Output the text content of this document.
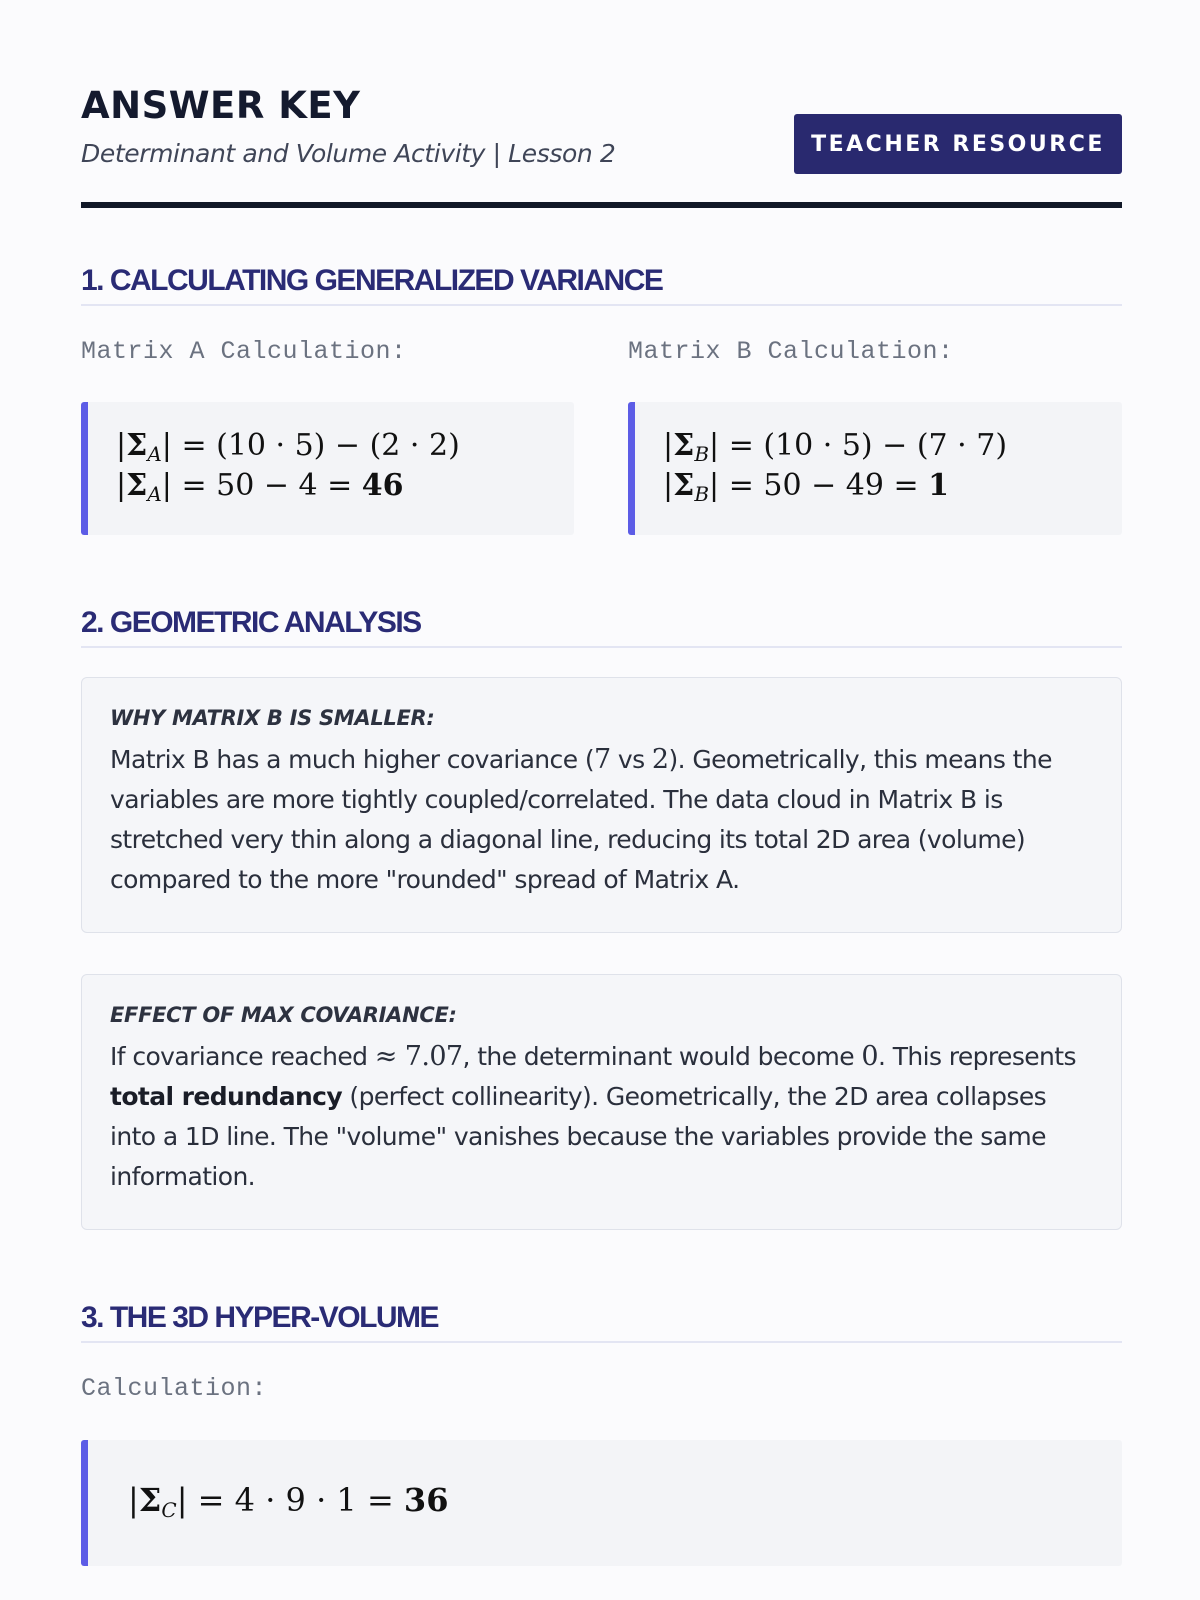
ANSWER KEY
Determinant and Volume Activity | Lesson 2	TEACHER RESOURCE
1. CALCULATING GENERALIZED VARIANCE
Matrix A Calculation:	Matrix B Calculation:
$|\Sigma_A| = (10 \cdot 5) - (2 \cdot 2)$
$|\Sigma_A| = 50 - 4 = 46$
$|\Sigma_B| = (10 \cdot 5) - (7 \cdot 7)$
$|\Sigma_B| = 50 - 49 = 1$
2. GEOMETRIC ANALYSIS
WHY MATRIX B IS SMALLER:
Matrix B has a much higher covariance (7 vs 2). Geometrically, this means the variables are more tightly coupled/correlated. The data cloud in Matrix B is stretched very thin along a diagonal line, reducing its total 2D area (volume) compared to the more "rounded" spread of Matrix A.
EFFECT OF MAX COVARIANCE:
If covariance reached ≈ 7.07, the determinant would become 0. This represents total redundancy (perfect collinearity). Geometrically, the 2D area collapses into a 1D line. The "volume" vanishes because the variables provide the same information.
3. THE 3D HYPER-VOLUME
Calculation:
$|\Sigma_C| = 4 \cdot 9 \cdot 1 = 36$
